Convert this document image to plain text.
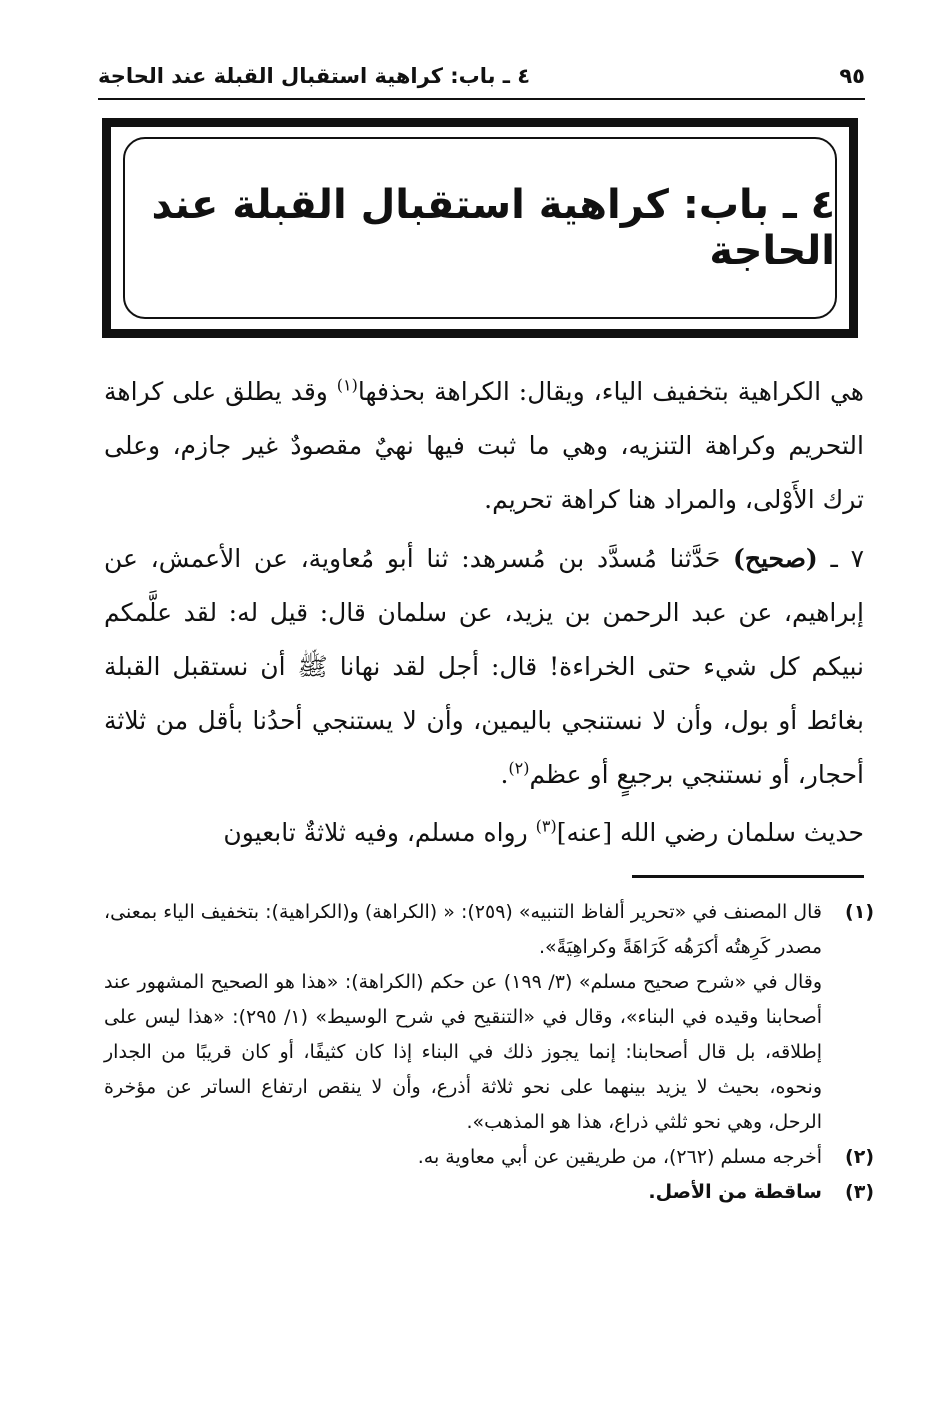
٤ ـ باب: كراهية استقبال القبلة عند الحاجة	٩٥
٤ ـ باب: كراهية استقبال القبلة عند الحاجة
هي الكراهية بتخفيف الياء، ويقال: الكراهة بحذفها$^{(١)}$ وقد يطلق على كراهة التحريم وكراهة التنزيه، وهي ما ثبت فيها نهيٌ مقصودٌ غير جازم، وعلى ترك الأَوْلى، والمراد هنا كراهة تحريم.
٧ ـ (صحيح) حَدَّثنا مُسدَّد بن مُسرهد: ثنا أبو مُعاوية، عن الأعمش، عن إبراهيم، عن عبد الرحمن بن يزيد، عن سلمان قال: قيل له: لقد علَّمكم نبيكم كل شيء حتى الخراءة! قال: أجل لقد نهانا ﷺ أن نستقبل القبلة بغائط أو بول، وأن لا نستنجي باليمين، وأن لا يستنجي أحدُنا بأقل من ثلاثة أحجار، أو نستنجي برجيعٍ أو عظم$^{(٢)}$.
حديث سلمان رضي الله [عنه]$^{(٣)}$ رواه مسلم، وفيه ثلاثةٌ تابعيون
(١)

قال المصنف في «تحرير ألفاظ التنبيه» (٢٥٩): « (الكراهة) و(الكراهية): بتخفيف الياء بمعنى، مصدر كَرِهتُه أكرَهُه كَرَاهَةً وكراهِيَةً».

وقال في «شرح صحيح مسلم» (٣/ ١٩٩) عن حكم (الكراهة): «هذا هو الصحيح المشهور عند أصحابنا وقيده في البناء»، وقال في «التنقيح في شرح الوسيط» (١/ ٢٩٥): «هذا ليس على إطلاقه، بل قال أصحابنا: إنما يجوز ذلك في البناء إذا كان كثيفًا، أو كان قريبًا من الجدار ونحوه، بحيث لا يزيد بينهما على نحو ثلاثة أذرع، وأن لا ينقص ارتفاع الساتر عن مؤخرة الرحل، وهي نحو ثلثي ذراع، هذا هو المذهب».

(٢)

أخرجه مسلم (٢٦٢)، من طريقين عن أبي معاوية به.

(٣)

ساقطة من الأصل.
